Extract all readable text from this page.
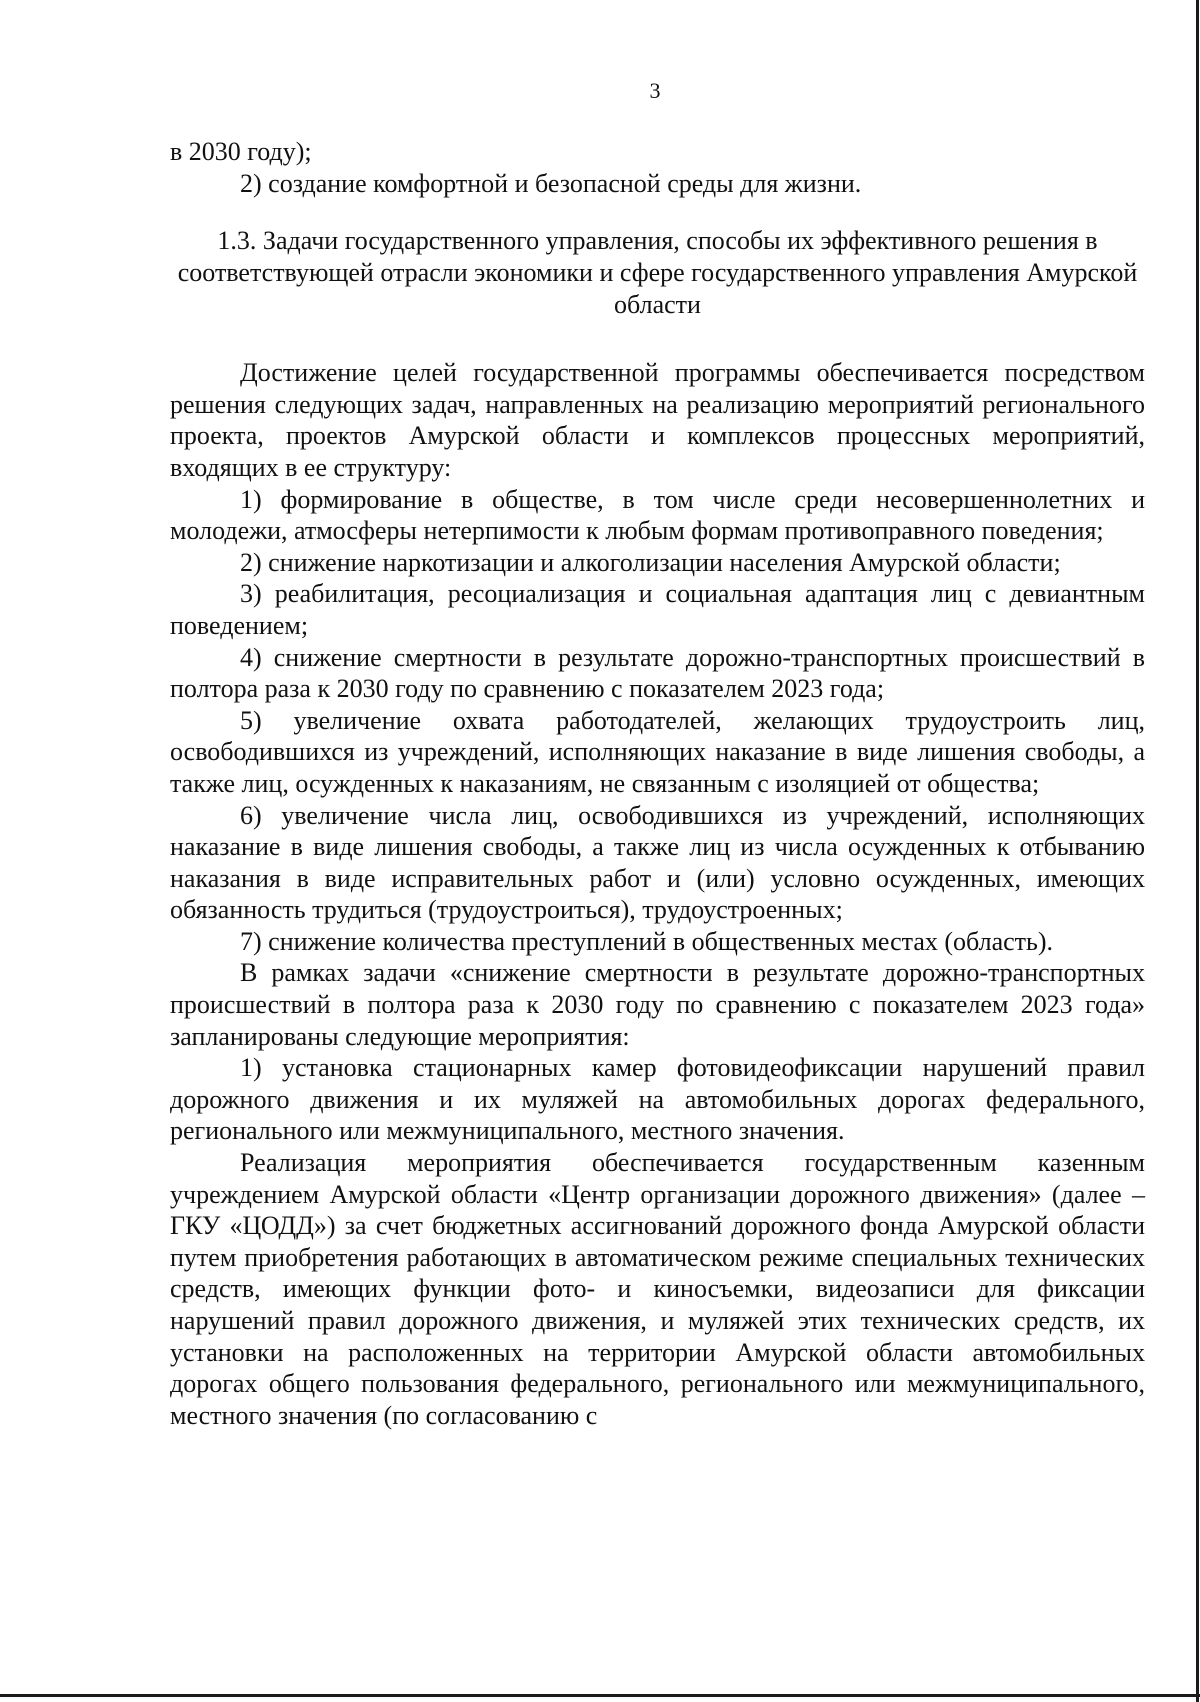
3

в 2030 году);

2) создание комфортной и безопасной среды для жизни.

1.3. Задачи государственного управления, способы их эффективного решения в соответствующей отрасли экономики и сфере государственного управления Амурской области

Достижение целей государственной программы обеспечивается посредством решения следующих задач, направленных на реализацию мероприятий регионального проекта, проектов Амурской области и комплексов процессных мероприятий, входящих в ее структуру:

1) формирование в обществе, в том числе среди несовершеннолетних и молодежи, атмосферы нетерпимости к любым формам противоправного поведения;

2) снижение наркотизации и алкоголизации населения Амурской области;

3) реабилитация, ресоциализация и социальная адаптация лиц с девиантным поведением;

4) снижение смертности в результате дорожно-транспортных происшествий в полтора раза к 2030 году по сравнению с показателем 2023 года;

5) увеличение охвата работодателей, желающих трудоустроить лиц, освободившихся из учреждений, исполняющих наказание в виде лишения свободы, а также лиц, осужденных к наказаниям, не связанным с изоляцией от общества;

6) увеличение числа лиц, освободившихся из учреждений, исполняющих наказание в виде лишения свободы, а также лиц из числа осужденных к отбыванию наказания в виде исправительных работ и (или) условно осужденных, имеющих обязанность трудиться (трудоустроиться), трудоустроенных;

7) снижение количества преступлений в общественных местах (область).

В рамках задачи «снижение смертности в результате дорожно-транспортных происшествий в полтора раза к 2030 году по сравнению с показателем 2023 года» запланированы следующие мероприятия:

1) установка стационарных камер фотовидеофиксации нарушений правил дорожного движения и их муляжей на автомобильных дорогах федерального, регионального или межмуниципального, местного значения.

Реализация мероприятия обеспечивается государственным казенным учреждением Амурской области «Центр организации дорожного движения» (далее – ГКУ «ЦОДД») за счет бюджетных ассигнований дорожного фонда Амурской области путем приобретения работающих в автоматическом режиме специальных технических средств, имеющих функции фото- и киносъемки, видеозаписи для фиксации нарушений правил дорожного движения, и муляжей этих технических средств, их установки на расположенных на территории Амурской области автомобильных дорогах общего пользования федерального, регионального или межмуниципального, местного значения (по согласованию с
